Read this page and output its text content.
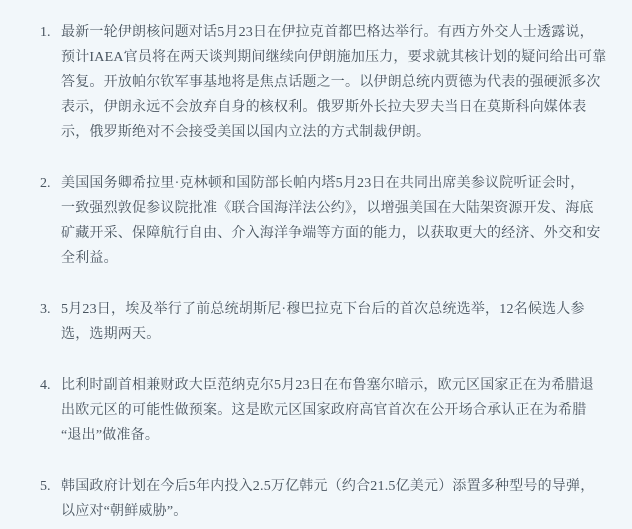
1. 最新一轮伊朗核问题对话5月23日在伊拉克首都巴格达举行。有西方外交人士透露说，
预计IAEA官员将在两天谈判期间继续向伊朗施加压力，要求就其核计划的疑问给出可靠
答复。开放帕尔钦军事基地将是焦点话题之一。以伊朗总统内贾德为代表的强硬派多次
表示，伊朗永远不会放弃自身的核权利。俄罗斯外长拉夫罗夫当日在莫斯科向媒体表
示，俄罗斯绝对不会接受美国以国内立法的方式制裁伊朗。
2. 美国国务卿希拉里·克林顿和国防部长帕内塔5月23日在共同出席美参议院听证会时，
一致强烈敦促参议院批准《联合国海洋法公约》，以增强美国在大陆架资源开发、海底
矿藏开采、保障航行自由、介入海洋争端等方面的能力，以获取更大的经济、外交和安
全利益。
3. 5月23日，埃及举行了前总统胡斯尼·穆巴拉克下台后的首次总统选举，12名候选人参
选，选期两天。
4. 比利时副首相兼财政大臣范纳克尔5月23日在布鲁塞尔暗示，欧元区国家正在为希腊退
出欧元区的可能性做预案。这是欧元区国家政府高官首次在公开场合承认正在为希腊
“退出”做准备。
5. 韩国政府计划在今后5年内投入2.5万亿韩元（约合21.5亿美元）添置多种型号的导弹，
以应对“朝鲜威胁”。
